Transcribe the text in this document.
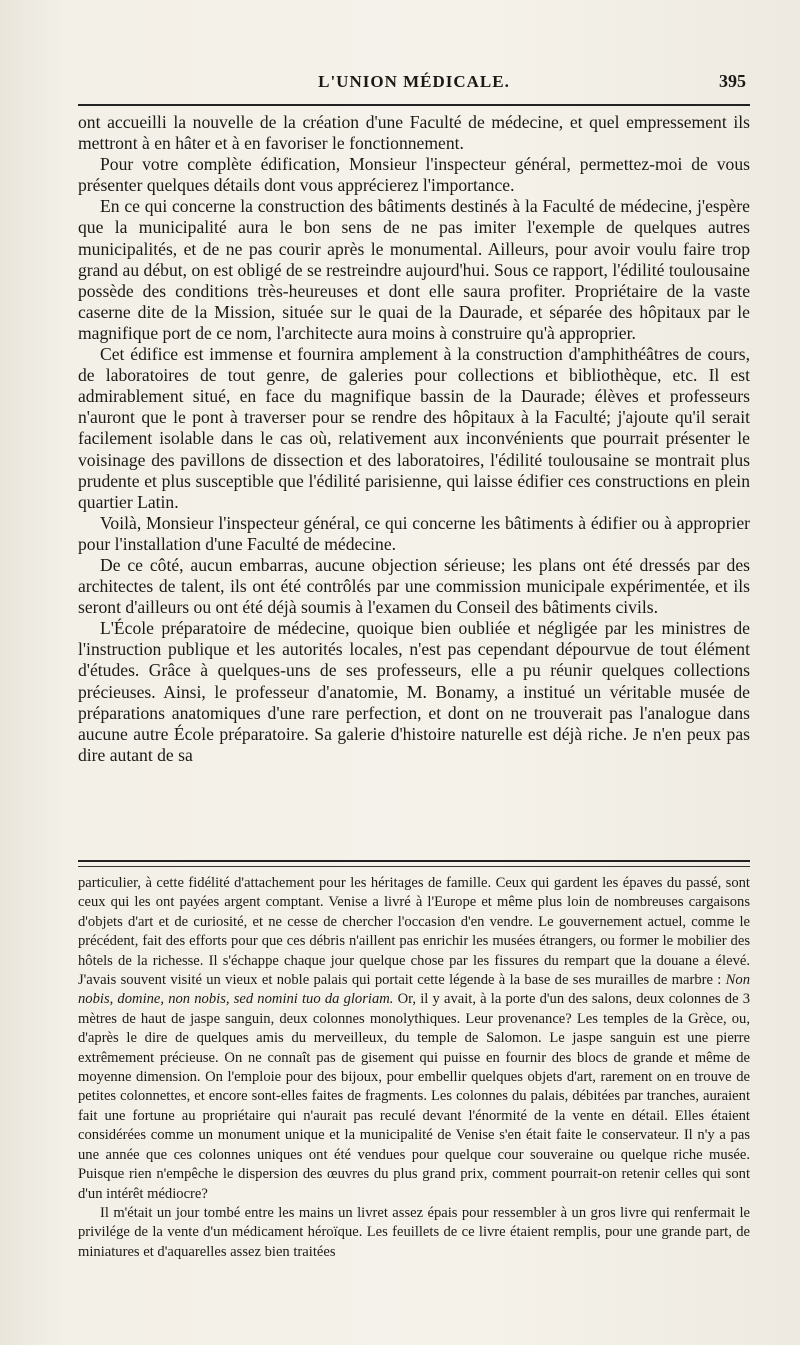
L'UNION MÉDICALE.	395

ont accueilli la nouvelle de la création d'une Faculté de médecine, et quel empressement ils mettront à en hâter et à en favoriser le fonctionnement.

Pour votre complète édification, Monsieur l'inspecteur général, permettez-moi de vous présenter quelques détails dont vous apprécierez l'importance.

En ce qui concerne la construction des bâtiments destinés à la Faculté de médecine, j'espère que la municipalité aura le bon sens de ne pas imiter l'exemple de quelques autres municipalités, et de ne pas courir après le monumental. Ailleurs, pour avoir voulu faire trop grand au début, on est obligé de se restreindre aujourd'hui. Sous ce rapport, l'édilité toulousaine possède des conditions très-heureuses et dont elle saura profiter. Propriétaire de la vaste caserne dite de la Mission, située sur le quai de la Daurade, et séparée des hôpitaux par le magnifique port de ce nom, l'architecte aura moins à construire qu'à approprier.

Cet édifice est immense et fournira amplement à la construction d'amphithéâtres de cours, de laboratoires de tout genre, de galeries pour collections et bibliothèque, etc. Il est admirablement situé, en face du magnifique bassin de la Daurade; élèves et professeurs n'auront que le pont à traverser pour se rendre des hôpitaux à la Faculté; j'ajoute qu'il serait facilement isolable dans le cas où, relativement aux inconvénients que pourrait présenter le voisinage des pavillons de dissection et des laboratoires, l'édilité toulousaine se montrait plus prudente et plus susceptible que l'édilité parisienne, qui laisse édifier ces constructions en plein quartier Latin.

Voilà, Monsieur l'inspecteur général, ce qui concerne les bâtiments à édifier ou à approprier pour l'installation d'une Faculté de médecine.

De ce côté, aucun embarras, aucune objection sérieuse; les plans ont été dressés par des architectes de talent, ils ont été contrôlés par une commission municipale expérimentée, et ils seront d'ailleurs ou ont été déjà soumis à l'examen du Conseil des bâtiments civils.

L'École préparatoire de médecine, quoique bien oubliée et négligée par les ministres de l'instruction publique et les autorités locales, n'est pas cependant dépourvue de tout élément d'études. Grâce à quelques-uns de ses professeurs, elle a pu réunir quelques collections précieuses. Ainsi, le professeur d'anatomie, M. Bonamy, a institué un véritable musée de préparations anatomiques d'une rare perfection, et dont on ne trouverait pas l'analogue dans aucune autre École préparatoire. Sa galerie d'histoire naturelle est déjà riche. Je n'en peux pas dire autant de sa

particulier, à cette fidélité d'attachement pour les héritages de famille. Ceux qui gardent les épaves du passé, sont ceux qui les ont payées argent comptant. Venise a livré à l'Europe et même plus loin de nombreuses cargaisons d'objets d'art et de curiosité, et ne cesse de chercher l'occasion d'en vendre. Le gouvernement actuel, comme le précédent, fait des efforts pour que ces débris n'aillent pas enrichir les musées étrangers, ou former le mobilier des hôtels de la richesse. Il s'échappe chaque jour quelque chose par les fissures du rempart que la douane a élevé. J'avais souvent visité un vieux et noble palais qui portait cette légende à la base de ses murailles de marbre : Non nobis, domine, non nobis, sed nomini tuo da gloriam. Or, il y avait, à la porte d'un des salons, deux colonnes de 3 mètres de haut de jaspe sanguin, deux colonnes monolythiques. Leur provenance? Les temples de la Grèce, ou, d'après le dire de quelques amis du merveilleux, du temple de Salomon. Le jaspe sanguin est une pierre extrêmement précieuse. On ne connaît pas de gisement qui puisse en fournir des blocs de grande et même de moyenne dimension. On l'emploie pour des bijoux, pour embellir quelques objets d'art, rarement on en trouve de petites colonnettes, et encore sont-elles faites de fragments. Les colonnes du palais, débitées par tranches, auraient fait une fortune au propriétaire qui n'aurait pas reculé devant l'énormité de la vente en détail. Elles étaient considérées comme un monument unique et la municipalité de Venise s'en était faite le conservateur. Il n'y a pas une année que ces colonnes uniques ont été vendues pour quelque cour souveraine ou quelque riche musée. Puisque rien n'empêche le dispersion des œuvres du plus grand prix, comment pourrait-on retenir celles qui sont d'un intérêt médiocre?

Il m'était un jour tombé entre les mains un livret assez épais pour ressembler à un gros livre qui renfermait le privilége de la vente d'un médicament héroïque. Les feuillets de ce livre étaient remplis, pour une grande part, de miniatures et d'aquarelles assez bien traitées
